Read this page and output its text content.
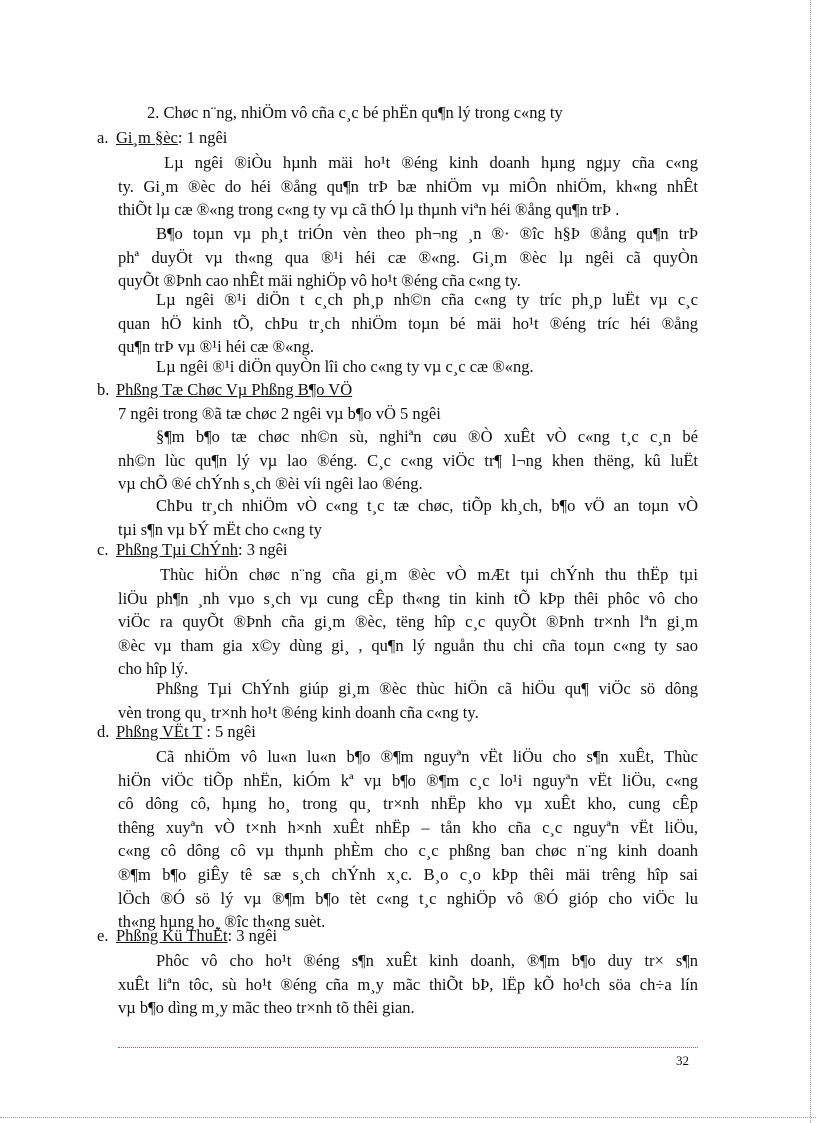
2. Chøc n¨ng, nhiÖm vô cña c¸c bé phËn qu¶n lý trong c«ng ty
a. Gi¸m §èc: 1 ngêi
Lµ ngêi ®iÒu hµnh mäi ho¹t ®éng kinh doanh hµng ngµy cña c«ng
ty. Gi¸m ®èc do héi ®ång qu¶n trÞ bæ nhiÖm vµ miÔn nhiÖm, kh«ng nhÊt
thiÕt lµ cæ ®«ng trong c«ng ty vµ cã thÓ lµ thµnh viªn héi ®ång qu¶n trÞ .
B¶o toµn vµ ph¸t triÓn vèn theo ph¬ng ¸n ®· ®îc h§Þ ®ång qu¶n trÞ
phª duyÖt vµ th«ng qua ®¹i héi cæ ®«ng. Gi¸m ®èc lµ ngêi cã quyÒn
quyÕt ®Þnh cao nhÊt mäi nghiÖp vô ho¹t ®éng cña c«ng ty.
Lµ ngêi ®¹i diÖn t c¸ch ph¸p nh©n cña c«ng ty tríc ph¸p luËt vµ c¸c
quan hÖ kinh tÕ, chÞu tr¸ch nhiÖm toµn bé mäi ho¹t ®éng tríc héi ®ång
qu¶n trÞ vµ ®¹i héi cæ ®«ng.
Lµ ngêi ®¹i diÖn quyÒn lîi cho c«ng ty vµ c¸c cæ ®«ng.
b. Phßng Tæ Chøc Vµ Phßng B¶o VÖ
7 ngêi trong ®ã tæ chøc 2 ngêi vµ b¶o vÖ 5 ngêi
§¶m b¶o tæ chøc nh©n sù, nghiªn cøu ®Ò xuÊt vÒ c«ng t¸c c¸n bé
nh©n lùc qu¶n lý vµ lao ®éng. C¸c c«ng viÖc tr¶ l¬ng khen thëng, kû luËt
vµ chÕ ®é chÝnh s¸ch ®èi víi ngêi lao ®éng.
ChÞu tr¸ch nhiÖm vÒ c«ng t¸c tæ chøc, tiÕp kh¸ch, b¶o vÖ an toµn vÒ
tµi s¶n vµ bÝ mËt cho c«ng ty
c. Phßng Tµi ChÝnh: 3 ngêi
Thùc hiÖn chøc n¨ng cña gi¸m ®èc vÒ mÆt tµi chÝnh thu thËp tµi
liÖu ph¶n ¸nh vµo s¸ch vµ cung cÊp th«ng tin kinh tÕ kÞp thêi phôc vô cho
viÖc ra quyÕt ®Þnh cña gi¸m ®èc, tëng hîp c¸c quyÕt ®Þnh tr×nh lªn gi¸m
®èc vµ tham gia x©y dùng gi¸ , qu¶n lý nguån thu chi cña toµn c«ng ty sao
cho hîp lý.
Phßng Tµi ChÝnh giúp gi¸m ®èc thùc hiÖn cã hiÖu qu¶ viÖc sö dông
vèn trong qu¸ tr×nh ho¹t ®éng kinh doanh cña c«ng ty.
d. Phßng VËt T : 5 ngêi
Cã nhiÖm vô lu«n lu«n b¶o ®¶m nguyªn vËt liÖu cho s¶n xuÊt, Thùc
hiÖn viÖc tiÕp nhËn, kiÓm kª vµ b¶o ®¶m c¸c lo¹i nguyªn vËt liÖu, c«ng
cô dông cô, hµng ho¸ trong qu¸ tr×nh nhËp kho vµ xuÊt kho, cung cÊp
thêng xuyªn vÒ t×nh h×nh xuÊt nhËp – tån kho cña c¸c nguyªn vËt liÖu,
c«ng cô dông cô vµ thµnh phÈm cho c¸c phßng ban chøc n¨ng kinh doanh
®¶m b¶o giÊy tê sæ s¸ch chÝnh x¸c. B¸o c¸o kÞp thêi mäi trêng hîp sai
lÖch ®Ó sö lý vµ ®¶m b¶o tèt c«ng t¸c nghiÖp vô ®Ó gióp cho viÖc lu
th«ng hµng ho¸ ®îc th«ng suèt.
e. Phßng Kü ThuËt: 3 ngêi
Phôc vô cho ho¹t ®éng s¶n xuÊt kinh doanh, ®¶m b¶o duy tr× s¶n
xuÊt liªn tôc, sù ho¹t ®éng cña m¸y mãc thiÕt bÞ, lËp kÕ ho¹ch söa ch÷a lín
vµ b¶o dìng m¸y mãc theo tr×nh tõ thêi gian.
32
